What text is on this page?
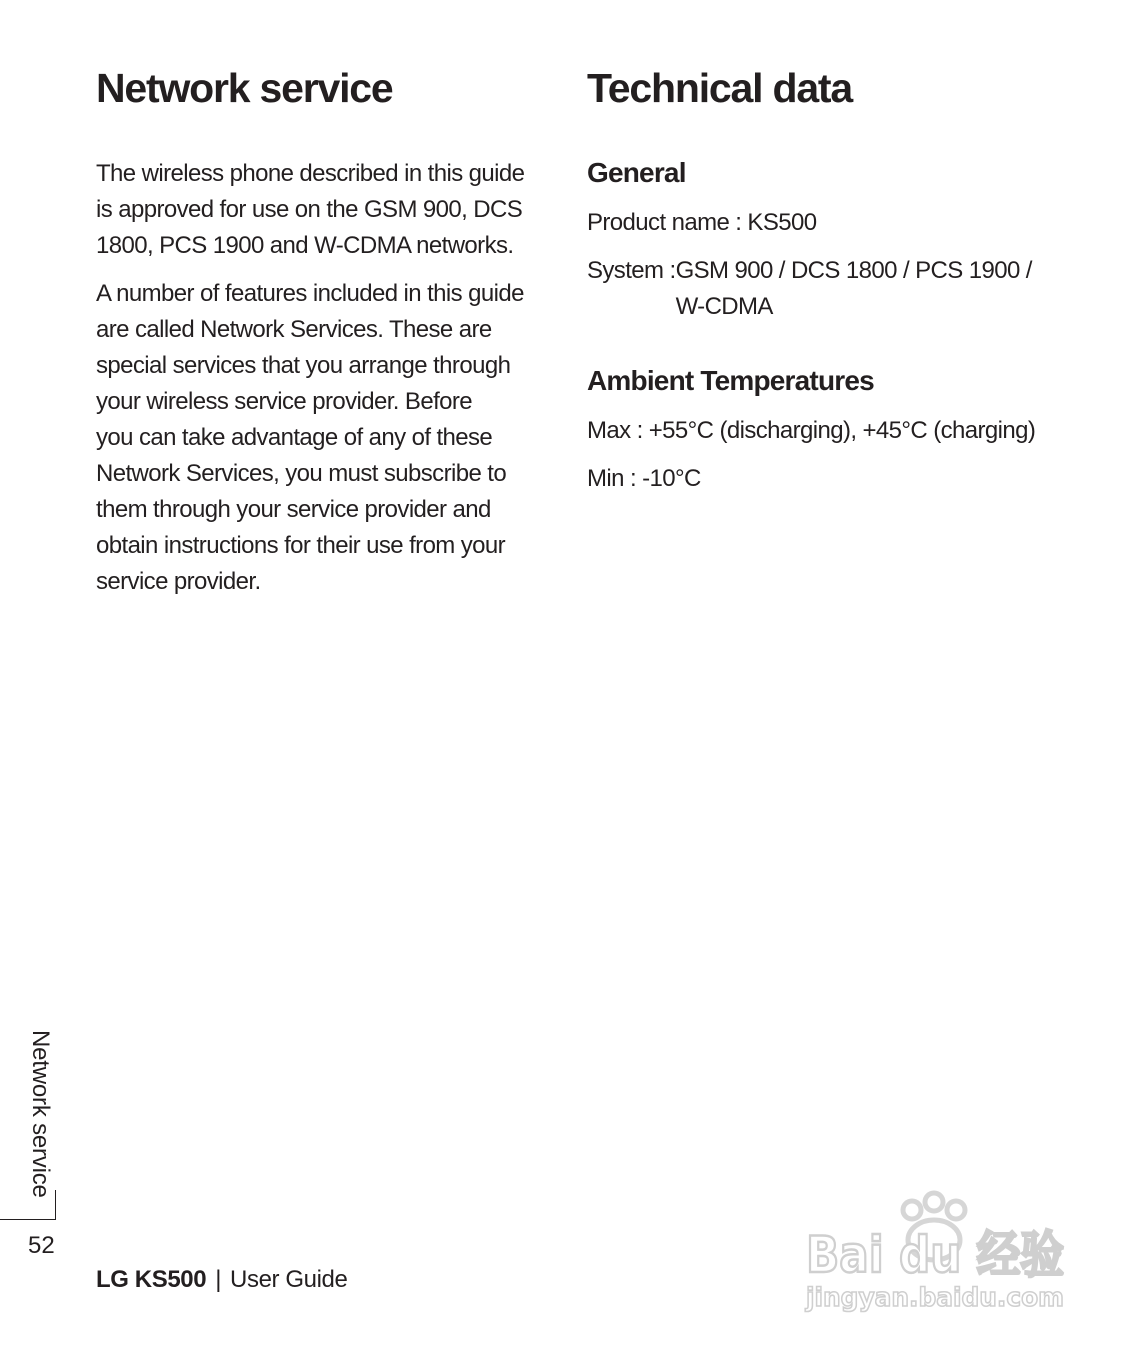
Network service

The wireless phone described in this guide
is approved for use on the GSM 900, DCS
1800, PCS 1900 and W-CDMA networks.

A number of features included in this guide
are called Network Services. These are
special services that you arrange through
your wireless service provider. Before
you can take advantage of any of these
Network Services, you must subscribe to
them through your service provider and
obtain instructions for their use from your
service provider.

Technical data
General
Product name : KS500
System : GSM 900 / DCS 1800 / PCS 1900 /
W-CDMA
Ambient Temperatures
Max : +55°C (discharging), +45°C (charging)
Min : -10°C
Network service
52
LG KS500 | User Guide	Bai du 经验
jingyan.baidu.com
